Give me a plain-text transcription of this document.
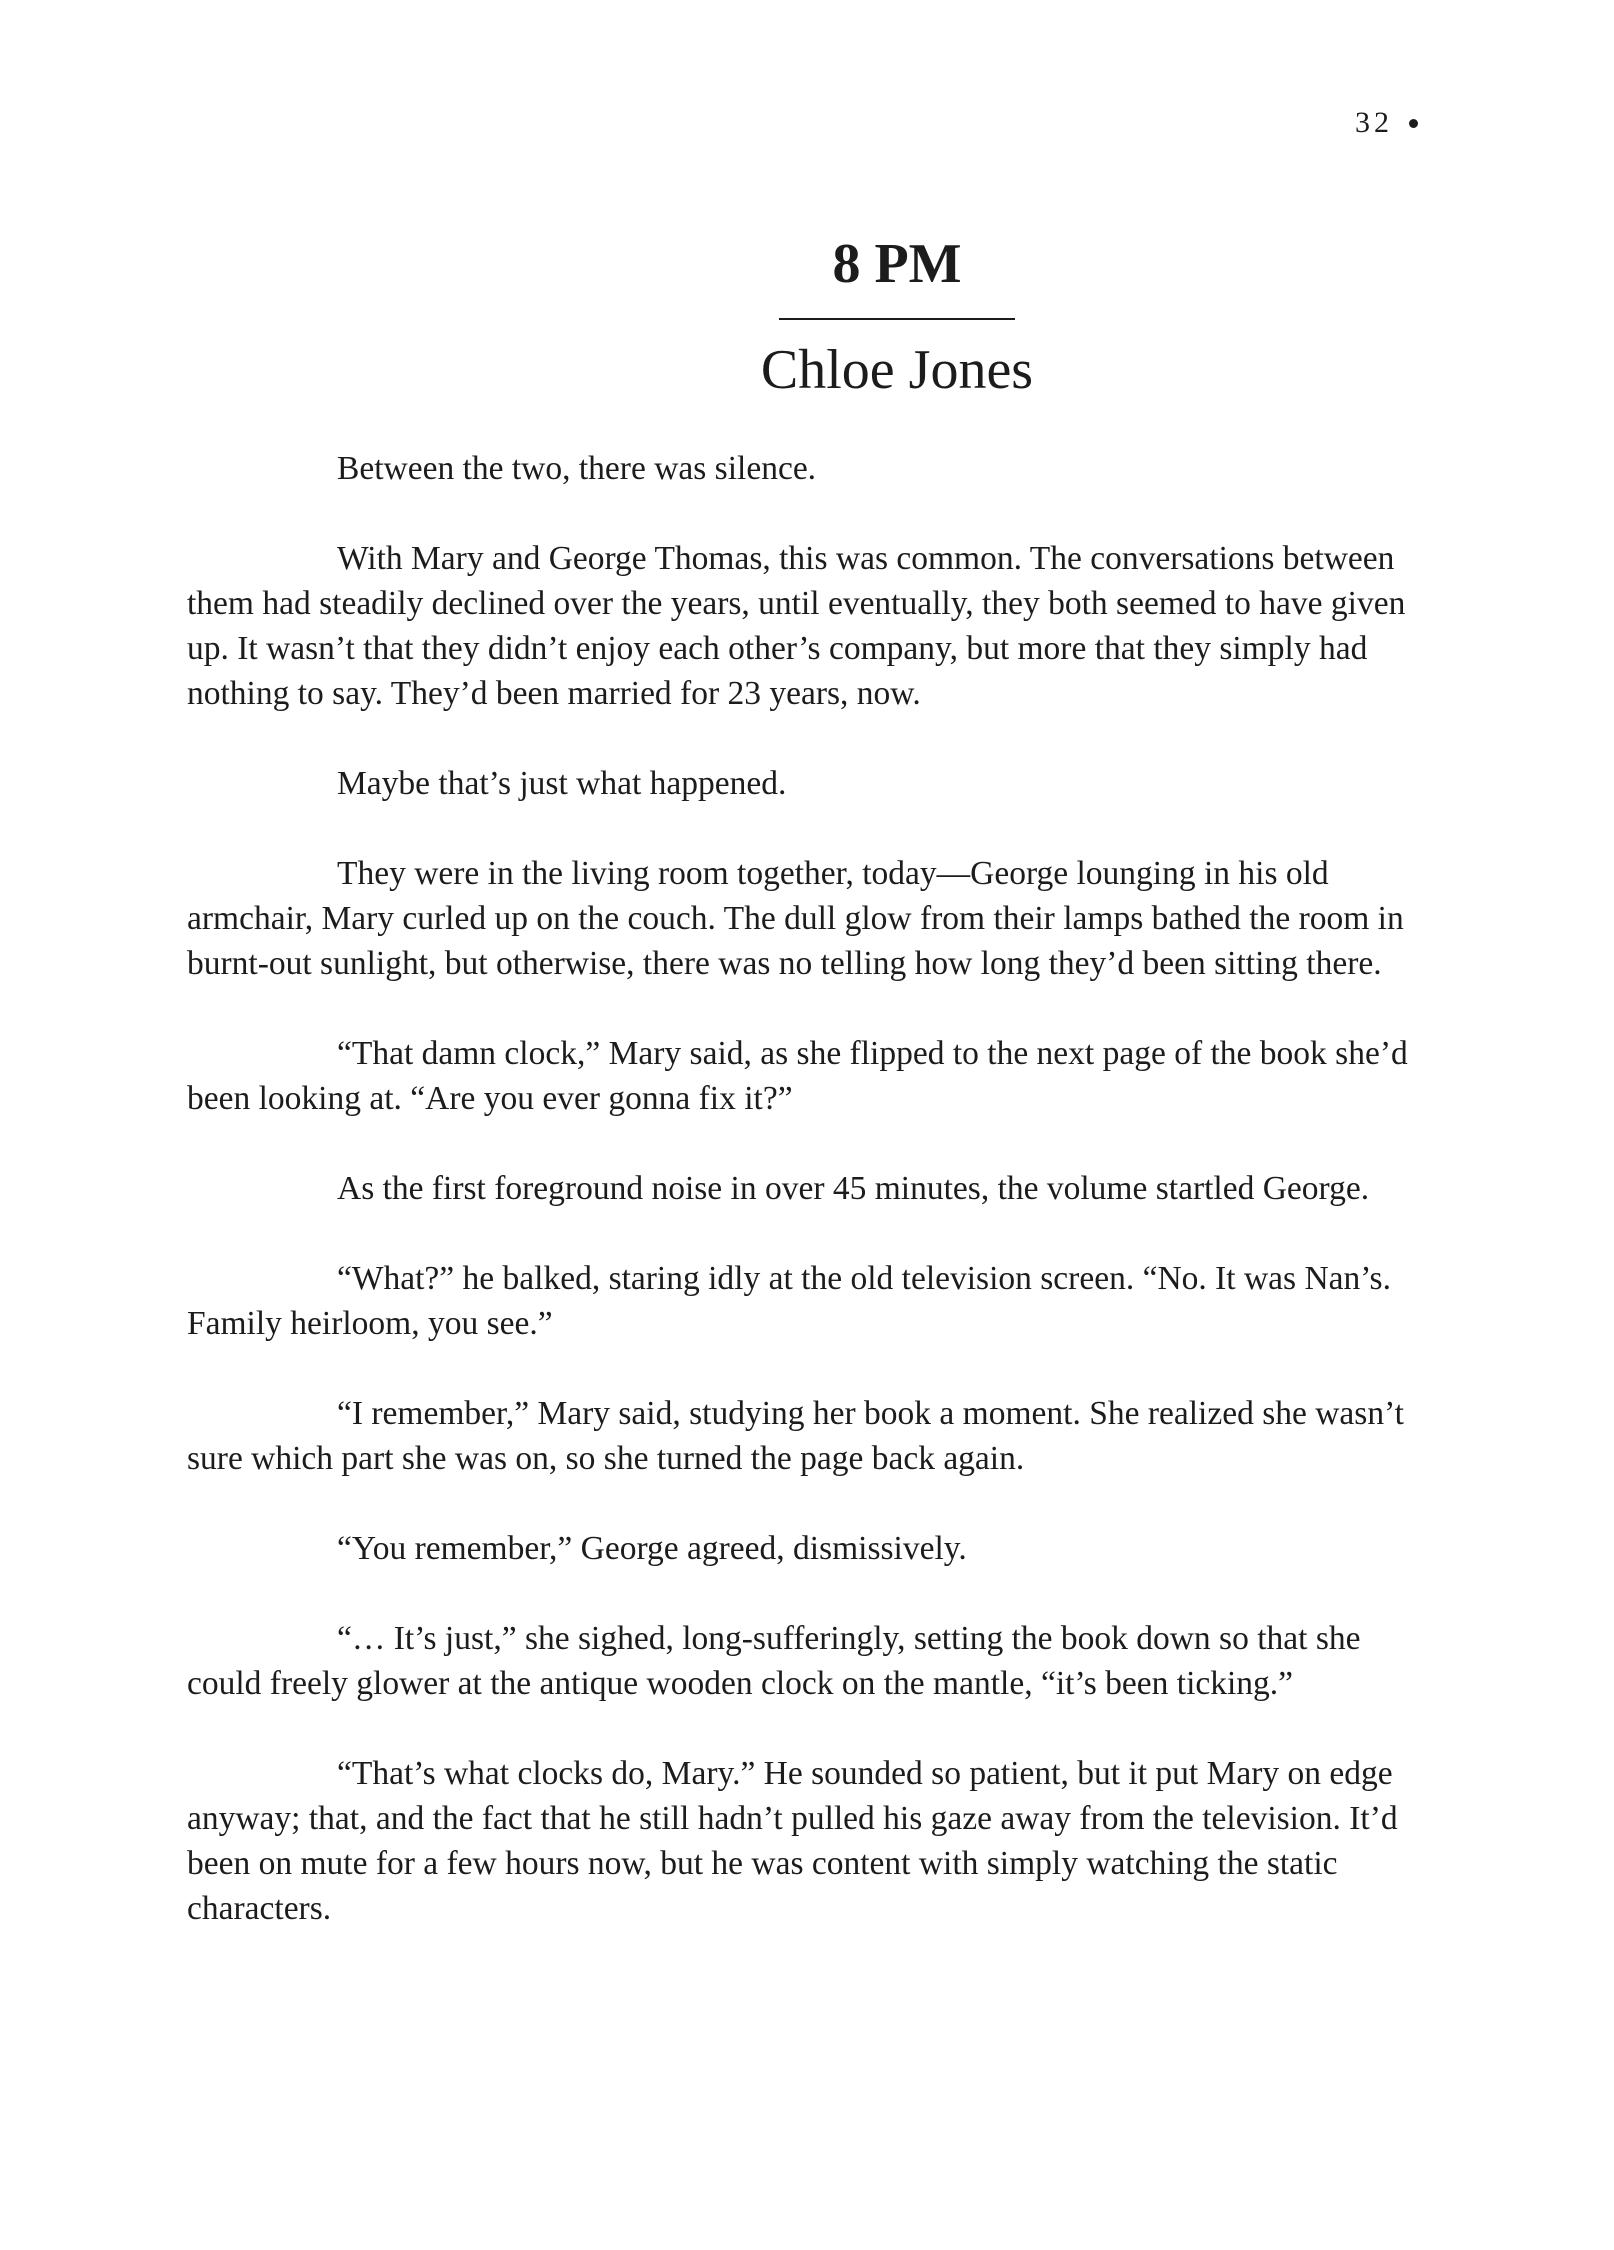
32
8 PM
Chloe Jones

Between the two, there was silence.

With Mary and George Thomas, this was common. The conversations between them had steadily declined over the years, until eventually, they both seemed to have given up. It wasn’t that they didn’t enjoy each other’s company, but more that they simply had nothing to say. They’d been married for 23 years, now.

Maybe that’s just what happened.

They were in the living room together, today—George lounging in his old armchair, Mary curled up on the couch. The dull glow from their lamps bathed the room in burnt-out sunlight, but otherwise, there was no telling how long they’d been sitting there.

“That damn clock,” Mary said, as she flipped to the next page of the book she’d been looking at. “Are you ever gonna fix it?”

As the first foreground noise in over 45 minutes, the volume startled George.

“What?” he balked, staring idly at the old television screen. “No. It was Nan’s. Family heirloom, you see.”

“I remember,” Mary said, studying her book a moment. She realized she wasn’t sure which part she was on, so she turned the page back again.

“You remember,” George agreed, dismissively.

“… It’s just,” she sighed, long-sufferingly, setting the book down so that she could freely glower at the antique wooden clock on the mantle, “it’s been ticking.”

“That’s what clocks do, Mary.” He sounded so patient, but it put Mary on edge anyway; that, and the fact that he still hadn’t pulled his gaze away from the television. It’d been on mute for a few hours now, but he was content with simply watching the static characters.
